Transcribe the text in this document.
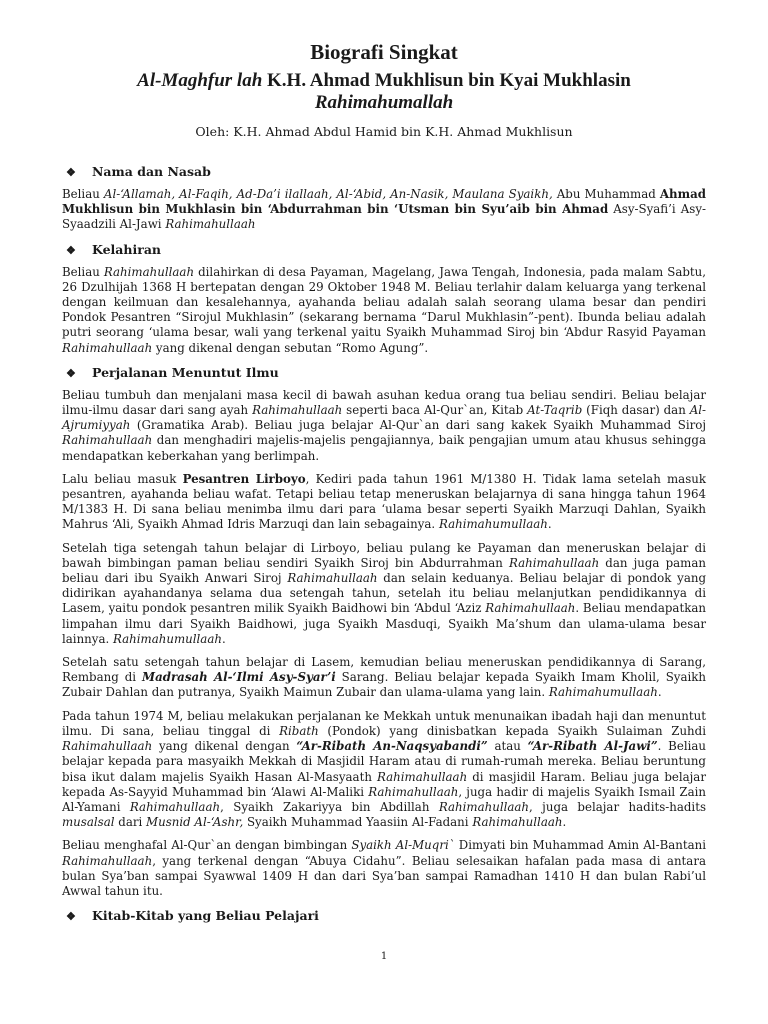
Biografi Singkat
Al-Maghfur lah K.H. Ahmad Mukhlisun bin Kyai Mukhlasin
Rahimahumallah
Oleh: K.H. Ahmad Abdul Hamid bin K.H. Ahmad Mukhlisun
❖ Nama dan Nasab

Beliau Al-‘Allamah, Al-Faqih, Ad-Da’i ilallaah, Al-‘Abid, An-Nasik, Maulana Syaikh, Abu Muhammad Ahmad Mukhlisun bin Mukhlasin bin ‘Abdurrahman bin ‘Utsman bin Syu’aib bin Ahmad Asy-Syafi’i Asy-Syaadzili Al-Jawi Rahimahullaah

❖ Kelahiran

Beliau Rahimahullaah dilahirkan di desa Payaman, Magelang, Jawa Tengah, Indonesia, pada malam Sabtu, 26 Dzulhijah 1368 H bertepatan dengan 29 Oktober 1948 M. Beliau terlahir dalam keluarga yang terkenal dengan keilmuan dan kesalehannya, ayahanda beliau adalah salah seorang ulama besar dan pendiri Pondok Pesantren “Sirojul Mukhlasin” (sekarang bernama “Darul Mukhlasin”-pent). Ibunda beliau adalah putri seorang ‘ulama besar, wali yang terkenal yaitu Syaikh Muhammad Siroj bin ‘Abdur Rasyid Payaman Rahimahullaah yang dikenal dengan sebutan “Romo Agung”.

❖ Perjalanan Menuntut Ilmu

Beliau tumbuh dan menjalani masa kecil di bawah asuhan kedua orang tua beliau sendiri. Beliau belajar ilmu-ilmu dasar dari sang ayah Rahimahullaah seperti baca Al-Qur`an, Kitab At-Taqrib (Fiqh dasar) dan Al-Ajrumiyyah (Gramatika Arab). Beliau juga belajar Al-Qur`an dari sang kakek Syaikh Muhammad Siroj Rahimahullaah dan menghadiri majelis-majelis pengajiannya, baik pengajian umum atau khusus sehingga mendapatkan keberkahan yang berlimpah.

Lalu beliau masuk Pesantren Lirboyo, Kediri pada tahun 1961 M/1380 H. Tidak lama setelah masuk pesantren, ayahanda beliau wafat. Tetapi beliau tetap meneruskan belajarnya di sana hingga tahun 1964 M/1383 H. Di sana beliau menimba ilmu dari para ‘ulama besar seperti Syaikh Marzuqi Dahlan, Syaikh Mahrus ‘Ali, Syaikh Ahmad Idris Marzuqi dan lain sebagainya. Rahimahumullaah.

Setelah tiga setengah tahun belajar di Lirboyo, beliau pulang ke Payaman dan meneruskan belajar di bawah bimbingan paman beliau sendiri Syaikh Siroj bin Abdurrahman Rahimahullaah dan juga paman beliau dari ibu Syaikh Anwari Siroj Rahimahullaah dan selain keduanya. Beliau belajar di pondok yang didirikan ayahandanya selama dua setengah tahun, setelah itu beliau melanjutkan pendidikannya di Lasem, yaitu pondok pesantren milik Syaikh Baidhowi bin ‘Abdul ‘Aziz Rahimahullaah. Beliau mendapatkan limpahan ilmu dari Syaikh Baidhowi, juga Syaikh Masduqi, Syaikh Ma’shum dan ulama-ulama besar lainnya. Rahimahumullaah.

Setelah satu setengah tahun belajar di Lasem, kemudian beliau meneruskan pendidikannya di Sarang, Rembang di Madrasah Al-‘Ilmi Asy-Syar’i Sarang. Beliau belajar kepada Syaikh Imam Kholil, Syaikh Zubair Dahlan dan putranya, Syaikh Maimun Zubair dan ulama-ulama yang lain. Rahimahumullaah.

Pada tahun 1974 M, beliau melakukan perjalanan ke Mekkah untuk menunaikan ibadah haji dan menuntut ilmu. Di sana, beliau tinggal di Ribath (Pondok) yang dinisbatkan kepada Syaikh Sulaiman Zuhdi Rahimahullaah yang dikenal dengan “Ar-Ribath An-Naqsyabandi” atau “Ar-Ribath Al-Jawi”. Beliau belajar kepada para masyaikh Mekkah di Masjidil Haram atau di rumah-rumah mereka. Beliau beruntung bisa ikut dalam majelis Syaikh Hasan Al-Masyaath Rahimahullaah di masjidil Haram. Beliau juga belajar kepada As-Sayyid Muhammad bin ‘Alawi Al-Maliki Rahimahullaah, juga hadir di majelis Syaikh Ismail Zain Al-Yamani Rahimahullaah, Syaikh Zakariyya bin Abdillah Rahimahullaah, juga belajar hadits-hadits musalsal dari Musnid Al-‘Ashr, Syaikh Muhammad Yaasiin Al-Fadani Rahimahullaah.

Beliau menghafal Al-Qur`an dengan bimbingan Syaikh Al-Muqri` Dimyati bin Muhammad Amin Al-Bantani Rahimahullaah, yang terkenal dengan “Abuya Cidahu”. Beliau selesaikan hafalan pada masa di antara bulan Sya’ban sampai Syawwal 1409 H dan dari Sya’ban sampai Ramadhan 1410 H dan bulan Rabi’ul Awwal tahun itu.

❖ Kitab-Kitab yang Beliau Pelajari
1
